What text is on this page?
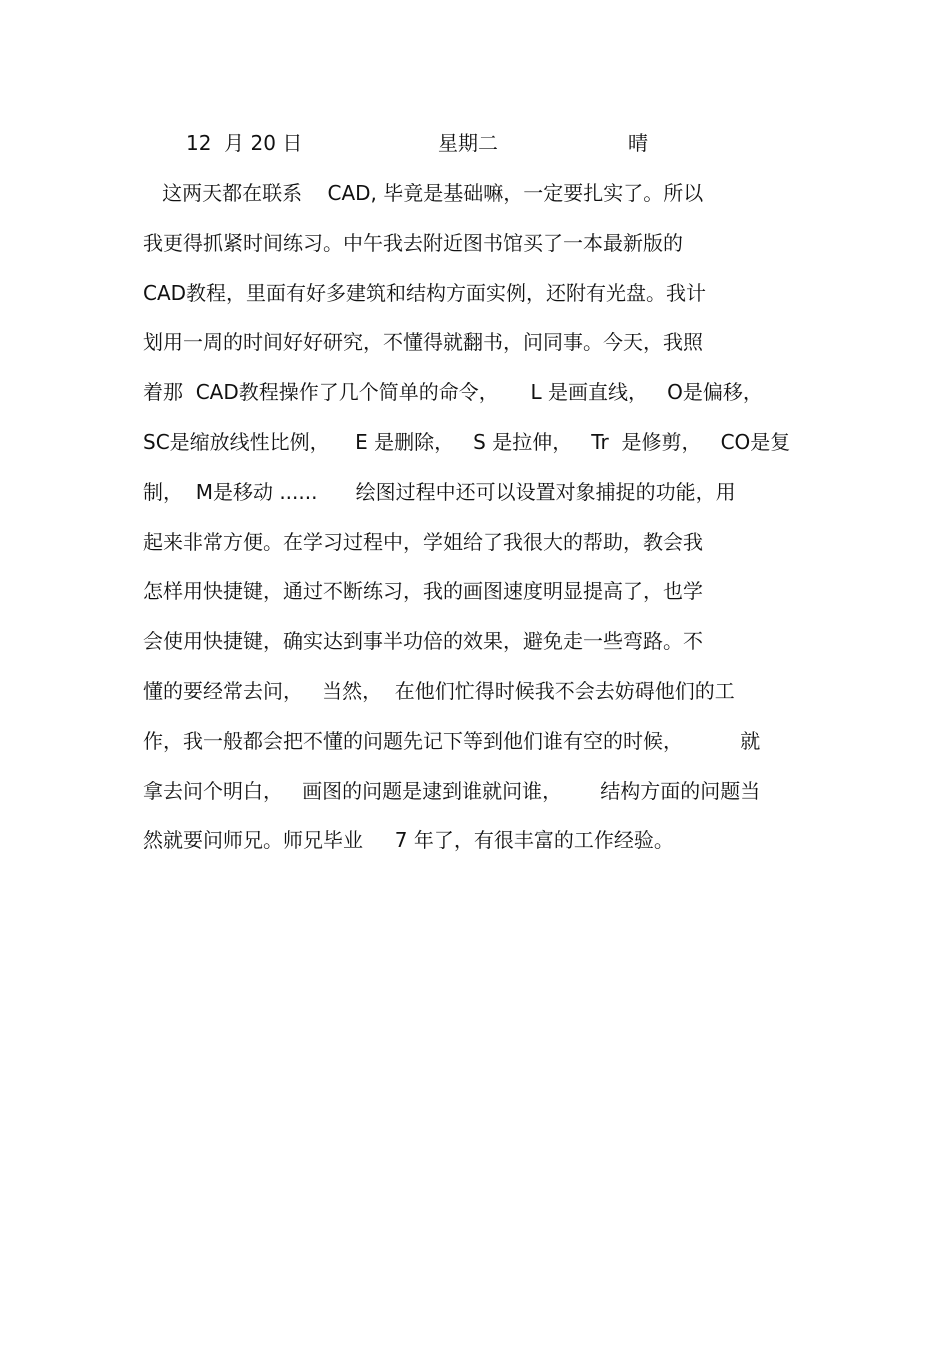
12  月 20 日	星期二	晴
这两天都在联系    CAD, 毕竟是基础嘛，一定要扎实了。所以
我更得抓紧时间练习。中午我去附近图书馆买了一本最新版的
CAD教程，里面有好多建筑和结构方面实例，还附有光盘。我计
划用一周的时间好好研究，不懂得就翻书，问同事。今天，我照
着那  CAD教程操作了几个简单的命令，     L 是画直线，   O是偏移，
SC是缩放线性比例，    E 是删除，   S 是拉伸，   Tr  是修剪，   CO是复
制，  M是移动 ......      绘图过程中还可以设置对象捕捉的功能，用
起来非常方便。在学习过程中，学姐给了我很大的帮助，教会我
怎样用快捷键，通过不断练习，我的画图速度明显提高了，也学
会使用快捷键，确实达到事半功倍的效果，避免走一些弯路。不
懂的要经常去问，   当然，  在他们忙得时候我不会去妨碍他们的工
作，我一般都会把不懂的问题先记下等到他们谁有空的时候，         就
拿去问个明白，   画图的问题是逮到谁就问谁，      结构方面的问题当
然就要问师兄。师兄毕业     7 年了，有很丰富的工作经验。
